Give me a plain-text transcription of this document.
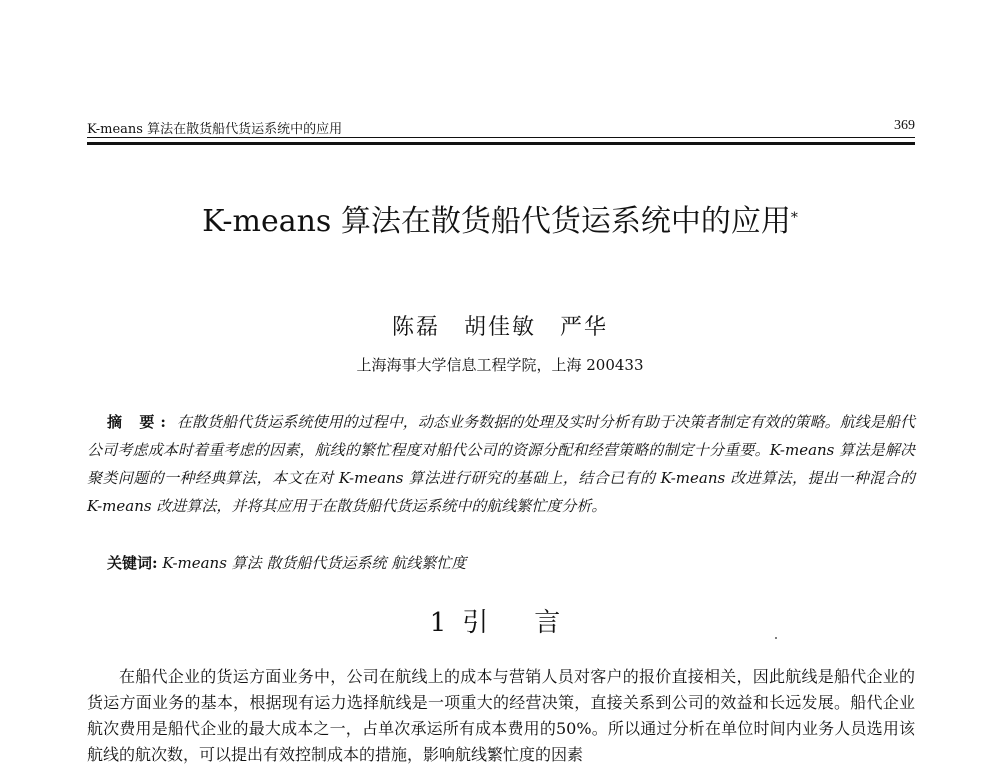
K-means 算法在散货船代货运系统中的应用	369
K-means 算法在散货船代货运系统中的应用*
陈磊　胡佳敏　严华
上海海事大学信息工程学院，上海 200433
摘 要: 在散货船代货运系统使用的过程中，动态业务数据的处理及实时分析有助于决策者制定有效的策略。航线是船代公司考虑成本时着重考虑的因素，航线的繁忙程度对船代公司的资源分配和经营策略的制定十分重要。K-means 算法是解决聚类问题的一种经典算法，本文在对 K-means 算法进行研究的基础上，结合已有的 K-means 改进算法，提出一种混合的 K-means 改进算法，并将其应用于在散货船代货运系统中的航线繁忙度分析。
关键词: K-means 算法 散货船代货运系统 航线繁忙度
1 引 言

在船代企业的货运方面业务中，公司在航线上的成本与营销人员对客户的报价直接相关，因此航线是船代企业的货运方面业务的基本，根据现有运力选择航线是一项重大的经营决策，直接关系到公司的效益和长远发展。船代企业航次费用是船代企业的最大成本之一，占单次承运所有成本费用的50%。所以通过分析在单位时间内业务人员选用该航线的航次数，可以提出有效控制成本的措施，影响航线繁忙度的因素
